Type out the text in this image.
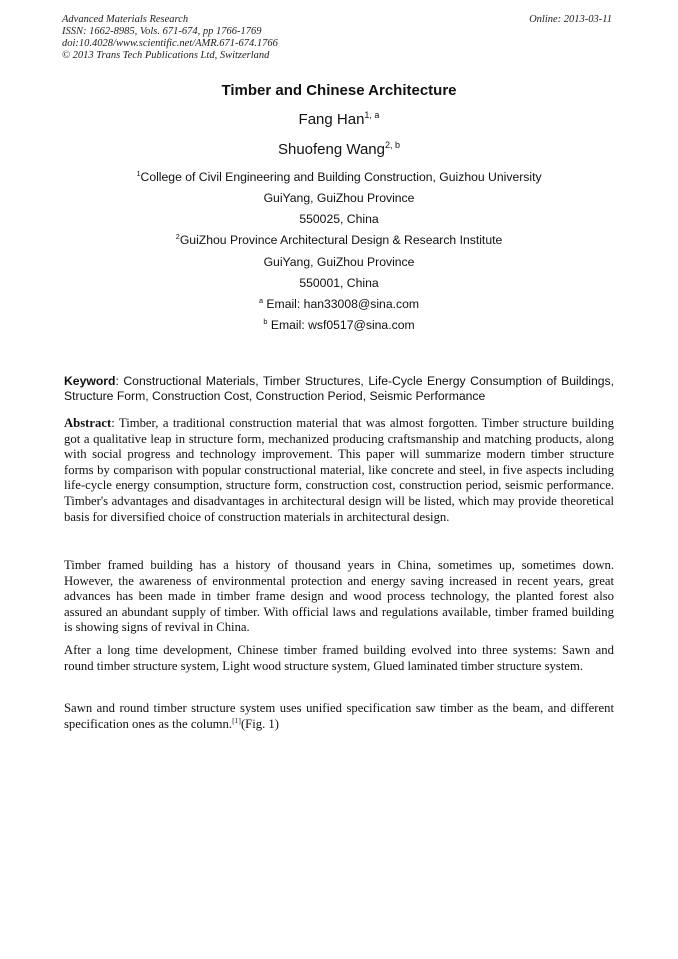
Advanced Materials Research
ISSN: 1662-8985, Vols. 671-674, pp 1766-1769
doi:10.4028/www.scientific.net/AMR.671-674.1766
© 2013 Trans Tech Publications Ltd, Switzerland
Online: 2013-03-11
Timber and Chinese Architecture
Fang Han$^{1, a}$
Shuofeng Wang$^{2, b}$
$^1$College of Civil Engineering and Building Construction, Guizhou University
GuiYang, GuiZhou Province
550025, China
$^2$GuiZhou Province Architectural Design & Research Institute
GuiYang, GuiZhou Province
550001, China
$^a$ Email: han33008@sina.com
$^b$ Email: wsf0517@sina.com
Keyword: Constructional Materials, Timber Structures, Life-Cycle Energy Consumption of Buildings, Structure Form, Construction Cost, Construction Period, Seismic Performance

Abstract: Timber, a traditional construction material that was almost forgotten. Timber structure building got a qualitative leap in structure form, mechanized producing craftsmanship and matching products, along with social progress and technology improvement. This paper will summarize modern timber structure forms by comparison with popular constructional material, like concrete and steel, in five aspects including life-cycle energy consumption, structure form, construction cost, construction period, seismic performance. Timber's advantages and disadvantages in architectural design will be listed, which may provide theoretical basis for diversified choice of construction materials in architectural design.

Timber framed building has a history of thousand years in China, sometimes up, sometimes down. However, the awareness of environmental protection and energy saving increased in recent years, great advances has been made in timber frame design and wood process technology, the planted forest also assured an abundant supply of timber. With official laws and regulations available, timber framed building is showing signs of revival in China.

After a long time development, Chinese timber framed building evolved into three systems: Sawn and round timber structure system, Light wood structure system, Glued laminated timber structure system.

Sawn and round timber structure system uses unified specification saw timber as the beam, and different specification ones as the column.[1](Fig. 1)
